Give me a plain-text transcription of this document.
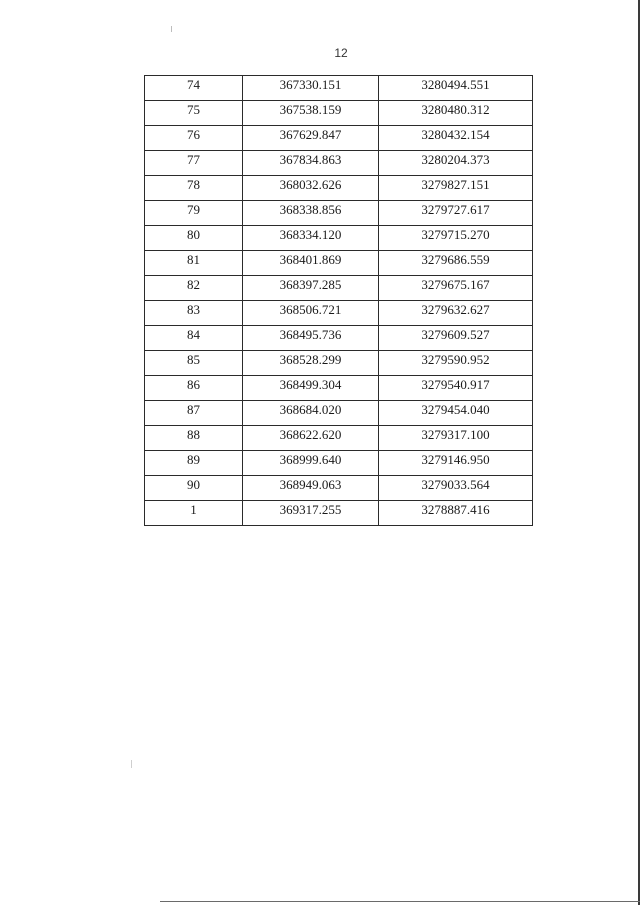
12
74	367330.151	3280494.551
75	367538.159	3280480.312
76	367629.847	3280432.154
77	367834.863	3280204.373
78	368032.626	3279827.151
79	368338.856	3279727.617
80	368334.120	3279715.270
81	368401.869	3279686.559
82	368397.285	3279675.167
83	368506.721	3279632.627
84	368495.736	3279609.527
85	368528.299	3279590.952
86	368499.304	3279540.917
87	368684.020	3279454.040
88	368622.620	3279317.100
89	368999.640	3279146.950
90	368949.063	3279033.564
1	369317.255	3278887.416
